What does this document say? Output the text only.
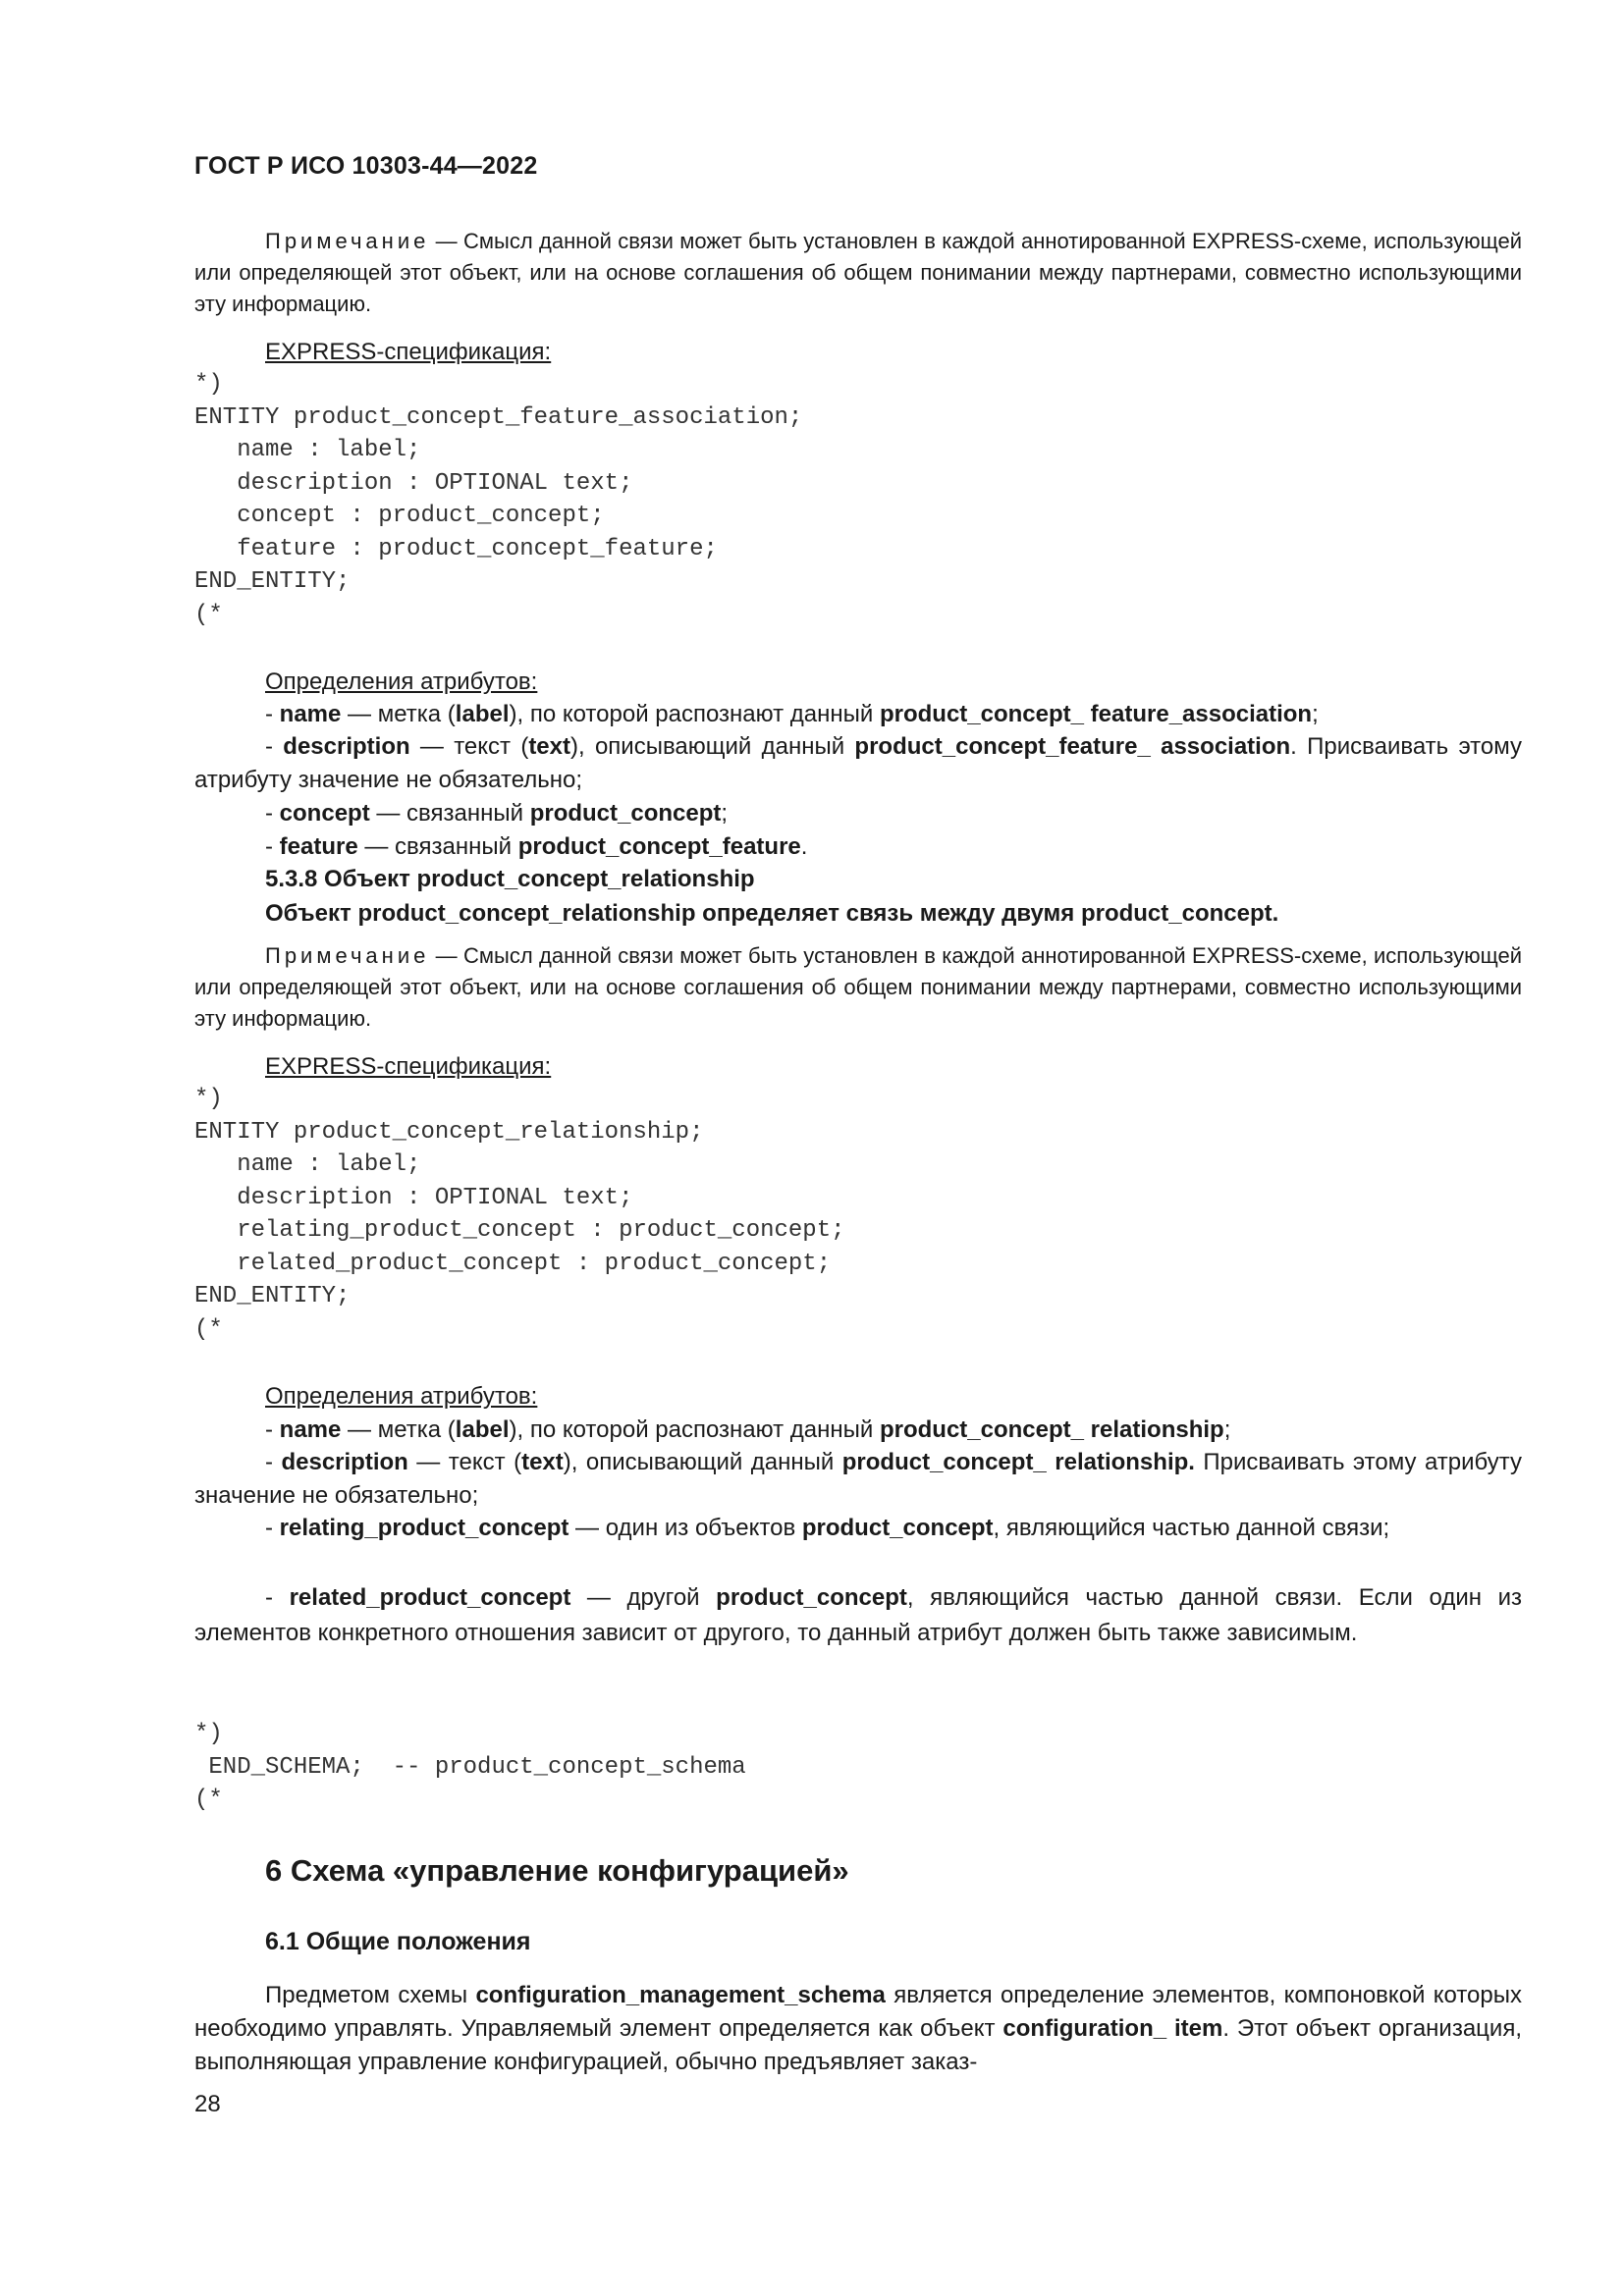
ГОСТ Р ИСО 10303-44—2022
Примечание — Смысл данной связи может быть установлен в каждой аннотированной EXPRESS-схеме, использующей или определяющей этот объект, или на основе соглашения об общем понимании между партнерами, совместно использующими эту информацию.
EXPRESS-спецификация:
*)
ENTITY product_concept_feature_association;
name : label;
description : OPTIONAL text;
concept : product_concept;
feature : product_concept_feature;
END_ENTITY;
(*
Определения атрибутов:
- name — метка (label), по которой распознают данный product_concept_ feature_association;
- description — текст (text), описывающий данный product_concept_feature_ association. Присваивать этому атрибуту значение не обязательно;
- concept — связанный product_concept;
- feature — связанный product_concept_feature.
5.3.8 Объект product_concept_relationship
Объект product_concept_relationship определяет связь между двумя product_concept.
Примечание — Смысл данной связи может быть установлен в каждой аннотированной EXPRESS-схеме, использующей или определяющей этот объект, или на основе соглашения об общем понимании между партнерами, совместно использующими эту информацию.
EXPRESS-спецификация:
*)
ENTITY product_concept_relationship;
name : label;
description : OPTIONAL text;
relating_product_concept : product_concept;
related_product_concept : product_concept;
END_ENTITY;
(*
Определения атрибутов:
- name — метка (label), по которой распознают данный product_concept_ relationship;
- description — текст (text), описывающий данный product_concept_ relationship. Присваивать этому атрибуту значение не обязательно;
- relating_product_concept — один из объектов product_concept, являющийся частью данной связи;
- related_product_concept — другой product_concept, являющийся частью данной связи. Если один из элементов конкретного отношения зависит от другого, то данный атрибут должен быть также зависимым.
*)
END_SCHEMA;  -- product_concept_schema
(*
6 Схема «управление конфигурацией»
6.1 Общие положения
Предметом схемы configuration_management_schema является определение элементов, компоновкой которых необходимо управлять. Управляемый элемент определяется как объект configuration_ item. Этот объект организация, выполняющая управление конфигурацией, обычно предъявляет заказ-
28
